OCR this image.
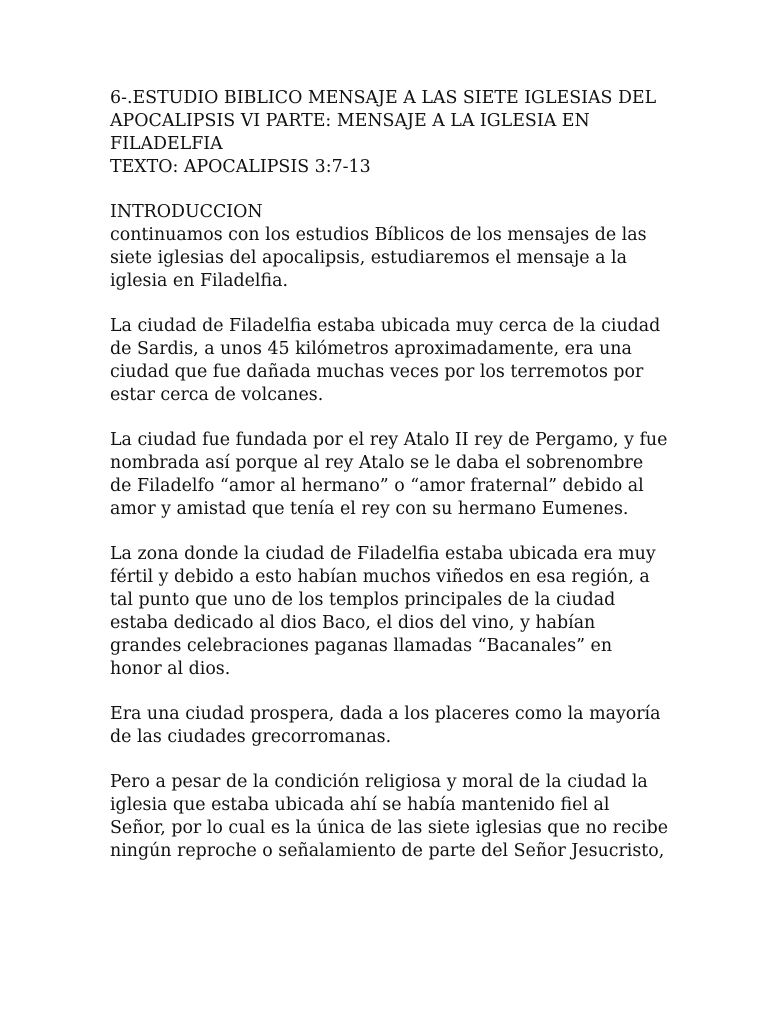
6-.ESTUDIO BIBLICO MENSAJE A LAS SIETE IGLESIAS DEL
APOCALIPSIS VI PARTE: MENSAJE A LA IGLESIA EN
FILADELFIA
TEXTO: APOCALIPSIS 3:7-13
INTRODUCCION
continuamos con los estudios Bíblicos de los mensajes de las
siete iglesias del apocalipsis, estudiaremos el mensaje a la
iglesia en Filadelfia.
La ciudad de Filadelfia estaba ubicada muy cerca de la ciudad
de Sardis, a unos 45 kilómetros aproximadamente, era una
ciudad que fue dañada muchas veces por los terremotos por
estar cerca de volcanes.
La ciudad fue fundada por el rey Atalo II rey de Pergamo, y fue
nombrada así porque al rey Atalo se le daba el sobrenombre
de Filadelfo “amor al hermano” o “amor fraternal” debido al
amor y amistad que tenía el rey con su hermano Eumenes.
La zona donde la ciudad de Filadelfia estaba ubicada era muy
fértil y debido a esto habían muchos viñedos en esa región, a
tal punto que uno de los templos principales de la ciudad
estaba dedicado al dios Baco, el dios del vino, y habían
grandes celebraciones paganas llamadas “Bacanales” en
honor al dios.
Era una ciudad prospera, dada a los placeres como la mayoría
de las ciudades grecorromanas.
Pero a pesar de la condición religiosa y moral de la ciudad la
iglesia que estaba ubicada ahí se había mantenido fiel al
Señor, por lo cual es la única de las siete iglesias que no recibe
ningún reproche o señalamiento de parte del Señor Jesucristo,
